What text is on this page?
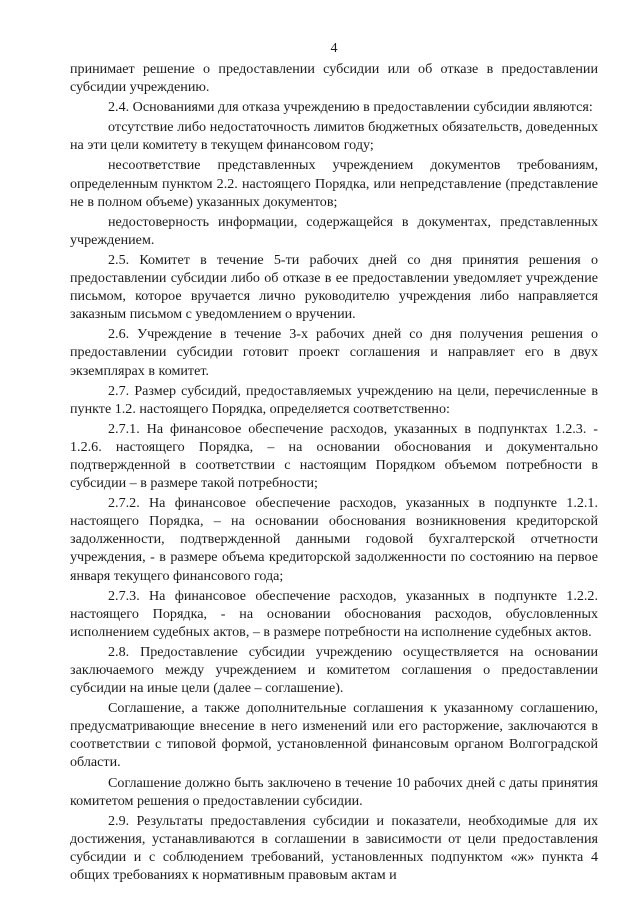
4

принимает решение о предоставлении субсидии или об отказе в предоставлении субсидии учреждению.

2.4. Основаниями для отказа учреждению в предоставлении субсидии являются:

отсутствие либо недостаточность лимитов бюджетных обязательств, доведенных на эти цели комитету в текущем финансовом году;

несоответствие представленных учреждением документов требованиям, определенным пунктом 2.2. настоящего Порядка, или непредставление (представление не в полном объеме) указанных документов;

недостоверность информации, содержащейся в документах, представленных учреждением.

2.5. Комитет в течение 5-ти рабочих дней со дня принятия решения о предоставлении субсидии либо об отказе в ее предоставлении уведомляет учреждение письмом, которое вручается лично руководителю учреждения либо направляется заказным письмом с уведомлением о вручении.

2.6. Учреждение в течение 3-х рабочих дней со дня получения решения о предоставлении субсидии готовит проект соглашения и направляет его в двух экземплярах в комитет.

2.7. Размер субсидий, предоставляемых учреждению на цели, перечисленные в пункте 1.2. настоящего Порядка, определяется соответственно:

2.7.1. На финансовое обеспечение расходов, указанных в подпунктах 1.2.3. - 1.2.6. настоящего Порядка, – на основании обоснования и документально подтвержденной в соответствии с настоящим Порядком объемом потребности в субсидии – в размере такой потребности;

2.7.2. На финансовое обеспечение расходов, указанных в подпункте 1.2.1. настоящего Порядка, – на основании обоснования возникновения кредиторской задолженности, подтвержденной данными годовой бухгалтерской отчетности учреждения, - в размере объема кредиторской задолженности по состоянию на первое января текущего финансового года;

2.7.3. На финансовое обеспечение расходов, указанных в подпункте 1.2.2. настоящего Порядка, - на основании обоснования расходов, обусловленных исполнением судебных актов, – в размере потребности на исполнение судебных актов.

2.8. Предоставление субсидии учреждению осуществляется на основании заключаемого между учреждением и комитетом соглашения о предоставлении субсидии на иные цели (далее – соглашение).

Соглашение, а также дополнительные соглашения к указанному соглашению, предусматривающие внесение в него изменений или его расторжение, заключаются в соответствии с типовой формой, установленной финансовым органом Волгоградской области.

Соглашение должно быть заключено в течение 10 рабочих дней с даты принятия комитетом решения о предоставлении субсидии.

2.9. Результаты предоставления субсидии и показатели, необходимые для их достижения, устанавливаются в соглашении в зависимости от цели предоставления субсидии и с соблюдением требований, установленных подпунктом «ж» пункта 4 общих требованиях к нормативным правовым актам и
